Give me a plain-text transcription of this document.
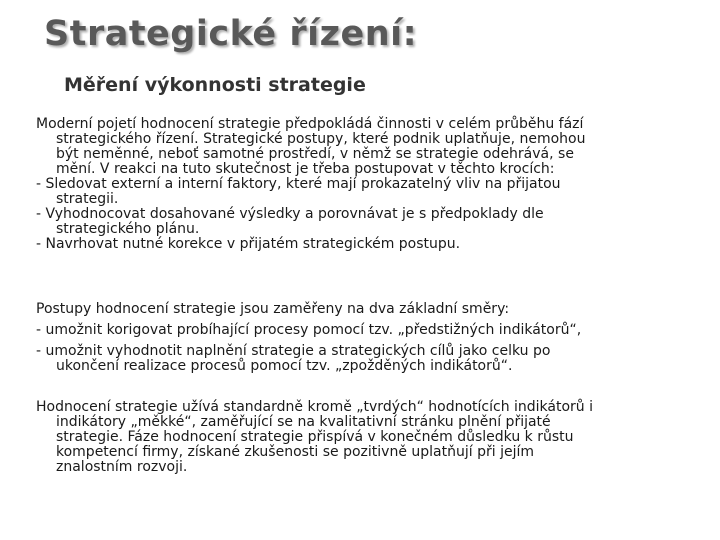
Strategické řízení:
Měření výkonnosti strategie
Moderní pojetí hodnocení strategie předpokládá činnosti v celém průběhu fází
strategického řízení. Strategické postupy, které podnik uplatňuje, nemohou
být neměnné, neboť samotné prostředí, v němž se strategie odehrává, se
mění. V reakci na tuto skutečnost je třeba postupovat v těchto krocích:
- Sledovat externí a interní faktory, které mají prokazatelný vliv na přijatou
strategii.
- Vyhodnocovat dosahované výsledky a porovnávat je s předpoklady dle
strategického plánu.
- Navrhovat nutné korekce v přijatém strategickém postupu.
Postupy hodnocení strategie jsou zaměřeny na dva základní směry:
- umožnit korigovat probíhající procesy pomocí tzv. „předstižných indikátorů“,
- umožnit vyhodnotit naplnění strategie a strategických cílů jako celku po
ukončení realizace procesů pomocí tzv. „zpožděných indikátorů“.
Hodnocení strategie užívá standardně kromě „tvrdých“ hodnotících indikátorů i
indikátory „měkké“, zaměřující se na kvalitativní stránku plnění přijaté
strategie. Fáze hodnocení strategie přispívá v konečném důsledku k růstu
kompetencí firmy, získané zkušenosti se pozitivně uplatňují při jejím
znalostním rozvoji.
